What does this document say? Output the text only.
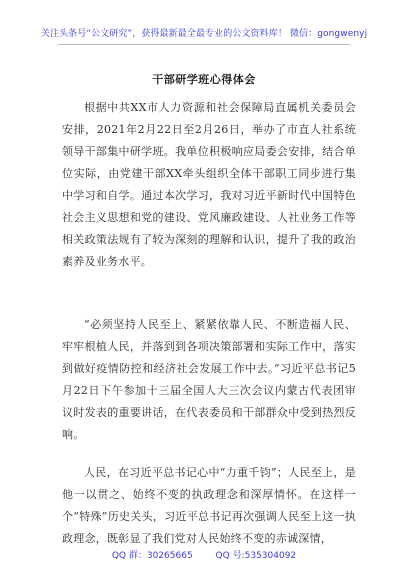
关注头条号“公文研究”，获得最新最全最专业的公文资料库！ 微信：gongwenyj
干部研学班心得体会

根据中共XX市人力资源和社会保障局直属机关委员会安排，2021年2月22日至2月26日，举办了市直人社系统领导干部集中研学班。我单位积极响应局委会安排，结合单位实际，由党建干部XX牵头组织全体干部职工同步进行集中学习和自学。通过本次学习，我对习近平新时代中国特色社会主义思想和党的建设、党风廉政建设、人社业务工作等相关政策法规有了较为深刻的理解和认识，提升了我的政治素养及业务水平。

“必须坚持人民至上、紧紧依靠人民、不断造福人民、牢牢根植人民，并落到到各项决策部署和实际工作中，落实到做好疫情防控和经济社会发展工作中去。”习近平总书记5月22日下午参加十三届全国人大三次会议内蒙古代表团审议时发表的重要讲话，在代表委员和干部群众中受到热烈反响。

人民，在习近平总书记心中“力重千钧”；人民至上，是他一以贯之、始终不变的执政理念和深厚情怀。在这样一个“特殊”历史关头，习近平总书记再次强调人民至上这一执政理念，既彰显了我们党对人民始终不变的赤诚深情，

QQ 群：30265665	QQ 号:535304092
